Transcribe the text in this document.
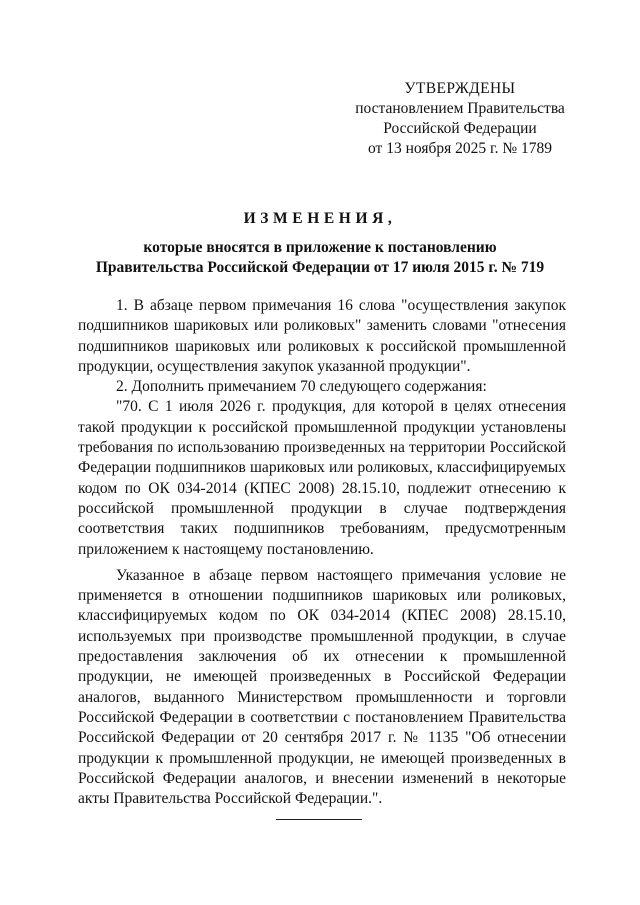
УТВЕРЖДЕНЫ
постановлением Правительства
Российской Федерации
от 13 ноября 2025 г. № 1789
ИЗМЕНЕНИЯ,
которые вносятся в приложение к постановлению
Правительства Российской Федерации от 17 июля 2015 г. № 719

1. В абзаце первом примечания 16 слова "осуществления закупок подшипников шариковых или роликовых" заменить словами "отнесения подшипников шариковых или роликовых к российской промышленной продукции, осуществления закупок указанной продукции".

2. Дополнить примечанием 70 следующего содержания:

"70. С 1 июля 2026 г. продукция, для которой в целях отнесения такой продукции к российской промышленной продукции установлены требования по использованию произведенных на территории Российской Федерации подшипников шариковых или роликовых, классифицируемых кодом по ОК 034-2014 (КПЕС 2008) 28.15.10, подлежит отнесению к российской промышленной продукции в случае подтверждения соответствия таких подшипников требованиям, предусмотренным приложением к настоящему постановлению.

Указанное в абзаце первом настоящего примечания условие не применяется в отношении подшипников шариковых или роликовых, классифицируемых кодом по ОК 034-2014 (КПЕС 2008) 28.15.10, используемых при производстве промышленной продукции, в случае предоставления заключения об их отнесении к промышленной продукции, не имеющей произведенных в Российской Федерации аналогов, выданного Министерством промышленности и торговли Российской Федерации в соответствии с постановлением Правительства Российской Федерации от 20 сентября 2017 г. № 1135 "Об отнесении продукции к промышленной продукции, не имеющей произведенных в Российской Федерации аналогов, и внесении изменений в некоторые акты Правительства Российской Федерации.".
